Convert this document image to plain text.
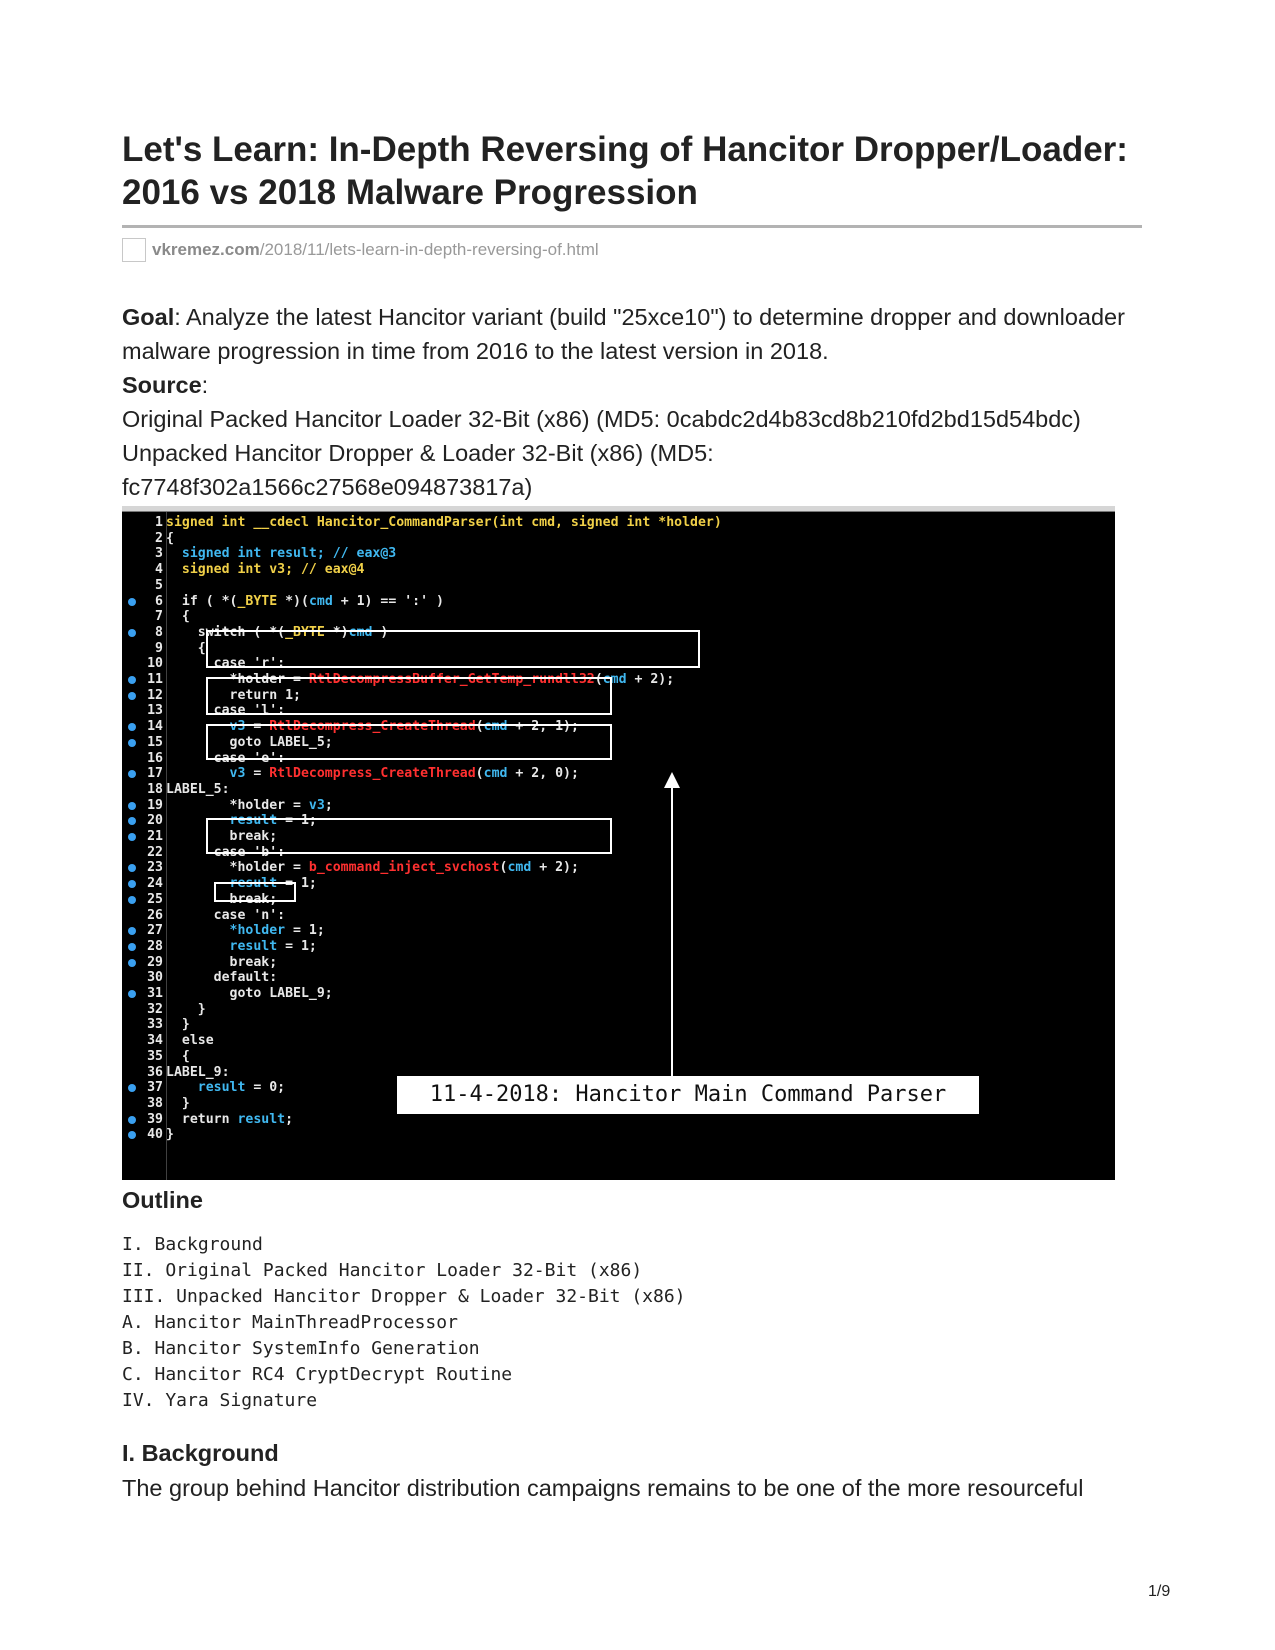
Let's Learn: In-Depth Reversing of Hancitor Dropper/Loader: 2016 vs 2018 Malware Progression
vkremez.com /2018/11/lets-learn-in-depth-reversing-of.html

Goal: Analyze the latest Hancitor variant (build "25xce10") to determine dropper and downloader malware progression in time from 2016 to the latest version in 2018.

Source:

Original Packed Hancitor Loader 32-Bit (x86) (MD5: 0cabdc2d4b83cd8b210fd2bd15d54bdc)

Unpacked Hancitor Dropper & Loader 32-Bit (x86) (MD5:
fc7748f302a1566c27568e094873817a)

1 signed int __cdecl Hancitor_CommandParser(int cmd, signed int *holder)
2 {
3 signed int result; // eax@3
4 signed int v3; // eax@4
5
6 if ( *(_BYTE *)(cmd + 1) == ':' )
7 {
8 switch ( *(_BYTE *)cmd )
9 {
10 case 'r':
11 *holder = RtlDecompressBuffer_GetTemp_rundll32(cmd + 2);
12 return 1;
13 case 'l':
14 v3 = RtlDecompress_CreateThread(cmd + 2, 1);
15 goto LABEL_5;
16 case 'e':
17 v3 = RtlDecompress_CreateThread(cmd + 2, 0);
18 LABEL_5:
19 *holder = v3;
20 result = 1;
21 break;
22 case 'b':
23 *holder = b_command_inject_svchost(cmd + 2);
24 result = 1;
25 break;
26 case 'n':
27 *holder = 1;
28 result = 1;
29 break;
30 default:
31 goto LABEL_9;
32 }
33 }
34 else
35 {
36 LABEL_9:
37 result = 0;
38 }
39 return result;
40 }
11-4-2018: Hancitor Main Command Parser
Outline
I. Background
II. Original Packed Hancitor Loader 32-Bit (x86)
III. Unpacked Hancitor Dropper & Loader 32-Bit (x86)
A. Hancitor MainThreadProcessor
B. Hancitor SystemInfo Generation
C. Hancitor RC4 CryptDecrypt Routine
IV. Yara Signature
I. Background

The group behind Hancitor distribution campaigns remains to be one of the more resourceful

1/9
